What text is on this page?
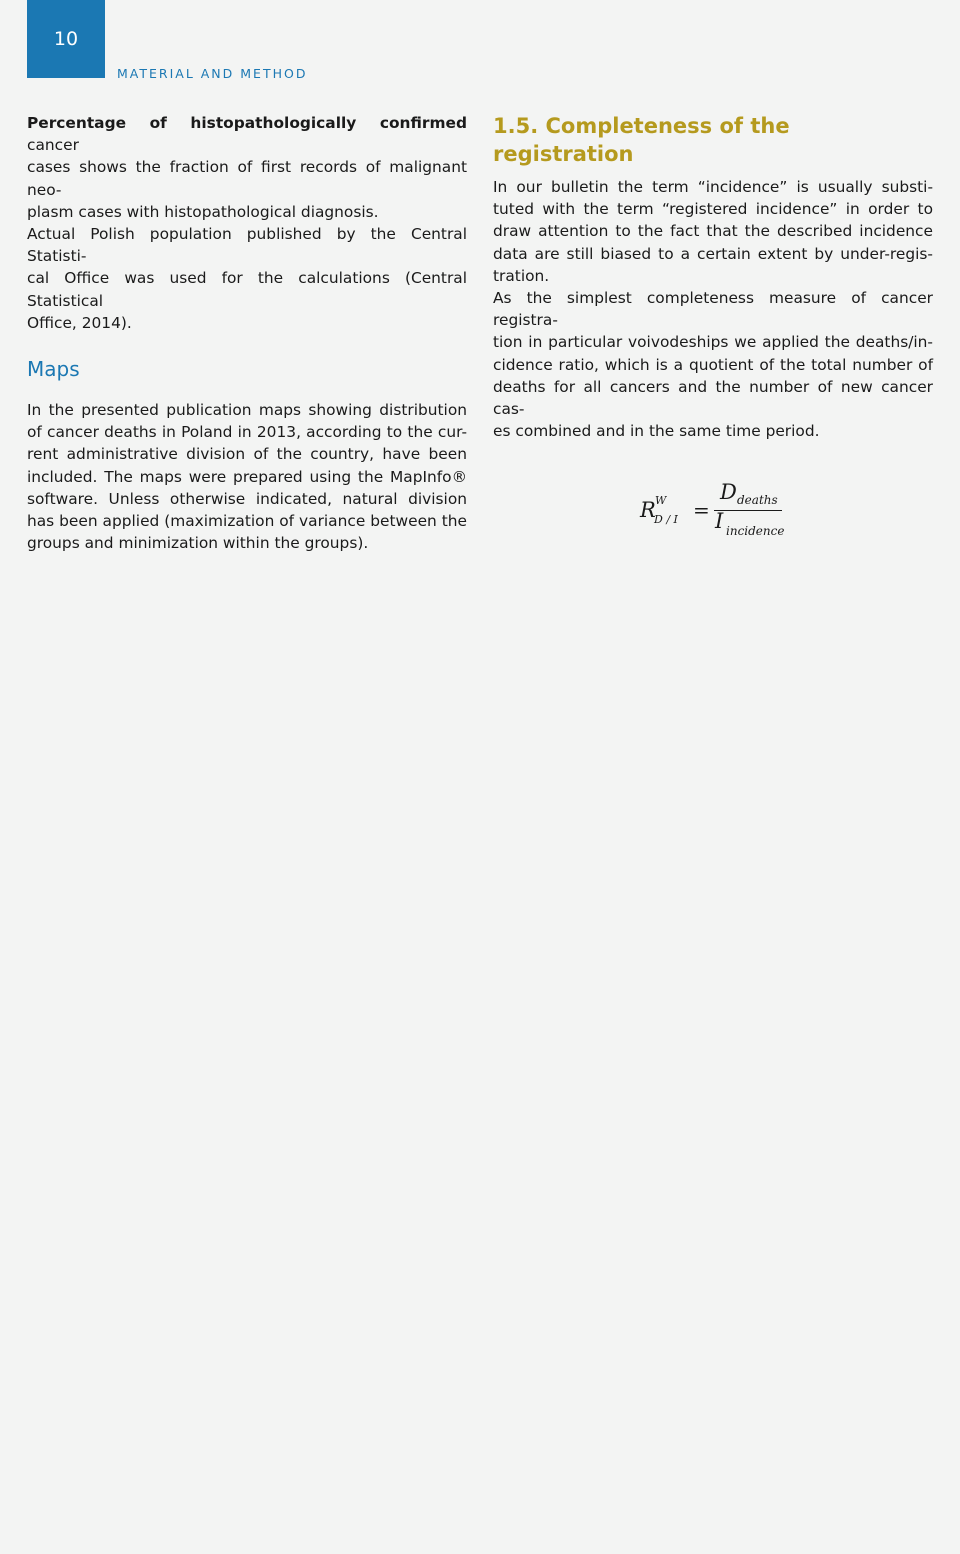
10
MATERIAL AND METHOD

Percentage of histopathologically confirmed cancer

cases shows the fraction of first records of malignant neo-

plasm cases with histopathological diagnosis.

Actual Polish population published by the Central Statisti-

cal Office was used for the calculations (Central Statistical

Office, 2014).

Maps

In the presented publication maps showing distribution

of cancer deaths in Poland in 2013, according to the cur-

rent administrative division of the country, have been

included. The maps were prepared using the MapInfo®

software. Unless otherwise indicated, natural division

has been applied (maximization of variance between the

groups and minimization within the groups).

1.5. Completeness of the registration

In our bulletin the term “incidence” is usually substi-

tuted with the term “registered incidence” in order to

draw attention to the fact that the described incidence

data are still biased to a certain extent by under-regis-

tration.

As the simplest completeness measure of cancer registra-

tion in particular voivodeships we applied the deaths/in-

cidence ratio, which is a quotient of the total number of

deaths for all cancers and the number of new cancer cas-

es combined and in the same time period.

R W
D / I =
D deaths
I incidence
